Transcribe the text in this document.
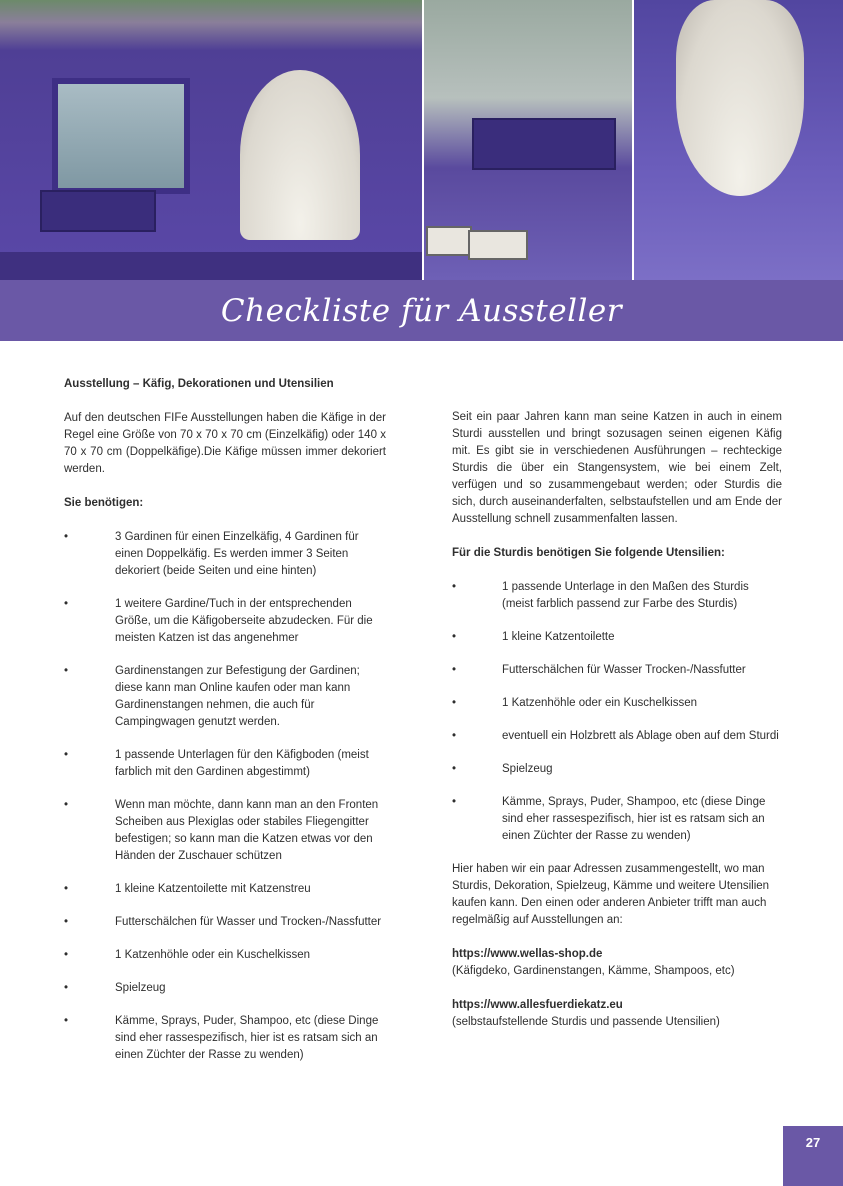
Checkliste für Aussteller

Ausstellung – Käfig, Dekorationen und Utensilien

Auf den deutschen FIFe Ausstellungen haben die Käfige in der Regel eine Größe von 70 x 70 x 70 cm (Einzelkäfig) oder 140 x 70 x 70 cm (Doppelkäfige).Die Käfige müssen immer dekoriert werden.

Sie benötigen:

•	3 Gardinen für einen Einzelkäfig, 4 Gardinen für einen Doppelkäfig. Es werden immer 3 Seiten dekoriert (beide Seiten und eine hinten)
•	1 weitere Gardine/Tuch in der entsprechenden Größe, um die Käfigoberseite abzudecken. Für die meisten Katzen ist das angenehmer
•	Gardinenstangen zur Befestigung der Gardinen; diese kann man Online kaufen oder man kann Gardinenstangen nehmen, die auch für Campingwagen genutzt werden.
•	1 passende Unterlagen für den Käfigboden (meist farblich mit den Gardinen abgestimmt)
•	Wenn man möchte, dann kann man an den Fronten Scheiben aus Plexiglas oder stabiles Fliegengitter befestigen; so kann man die Katzen etwas vor den Händen der Zuschauer schützen
•	1 kleine Katzentoilette mit Katzenstreu
•	Futterschälchen für Wasser und Trocken-/Nassfutter
•	1 Katzenhöhle oder ein Kuschelkissen
•	Spielzeug
•	Kämme, Sprays, Puder, Shampoo, etc (diese Dinge sind eher rassespezifisch, hier ist es ratsam sich an einen Züchter der Rasse zu wenden)

Seit ein paar Jahren kann man seine Katzen in auch in einem Sturdi ausstellen und bringt sozusagen seinen eigenen Käfig mit. Es gibt sie in verschiedenen Ausführungen – rechteckige Sturdis die über ein Stangensystem, wie bei einem Zelt, verfügen und so zusammengebaut werden; oder Sturdis die sich, durch auseinanderfalten, selbstaufstellen und am Ende der Ausstellung schnell zusammenfalten lassen.

Für die Sturdis benötigen Sie folgende Utensilien:

•	1 passende Unterlage in den Maßen des Sturdis (meist farblich passend zur Farbe des Sturdis)
•	1 kleine Katzentoilette
•	Futterschälchen für Wasser Trocken-/Nassfutter
•	1 Katzenhöhle oder ein Kuschelkissen
•	eventuell ein Holzbrett als Ablage oben auf dem Sturdi
•	Spielzeug
•	Kämme, Sprays, Puder, Shampoo, etc (diese Dinge sind eher rassespezifisch, hier ist es ratsam sich an einen Züchter der Rasse zu wenden)

Hier haben wir ein paar Adressen zusammengestellt, wo man Sturdis, Dekoration, Spielzeug, Kämme und weitere Utensilien kaufen kann. Den einen oder anderen Anbieter trifft man auch regelmäßig auf Ausstellungen an:

https://www.wellas-shop.de
(Käfigdeko, Gardinenstangen, Kämme, Shampoos, etc)

https://www.allesfuerdiekatz.eu
(selbstaufstellende Sturdis und passende Utensilien)

27
